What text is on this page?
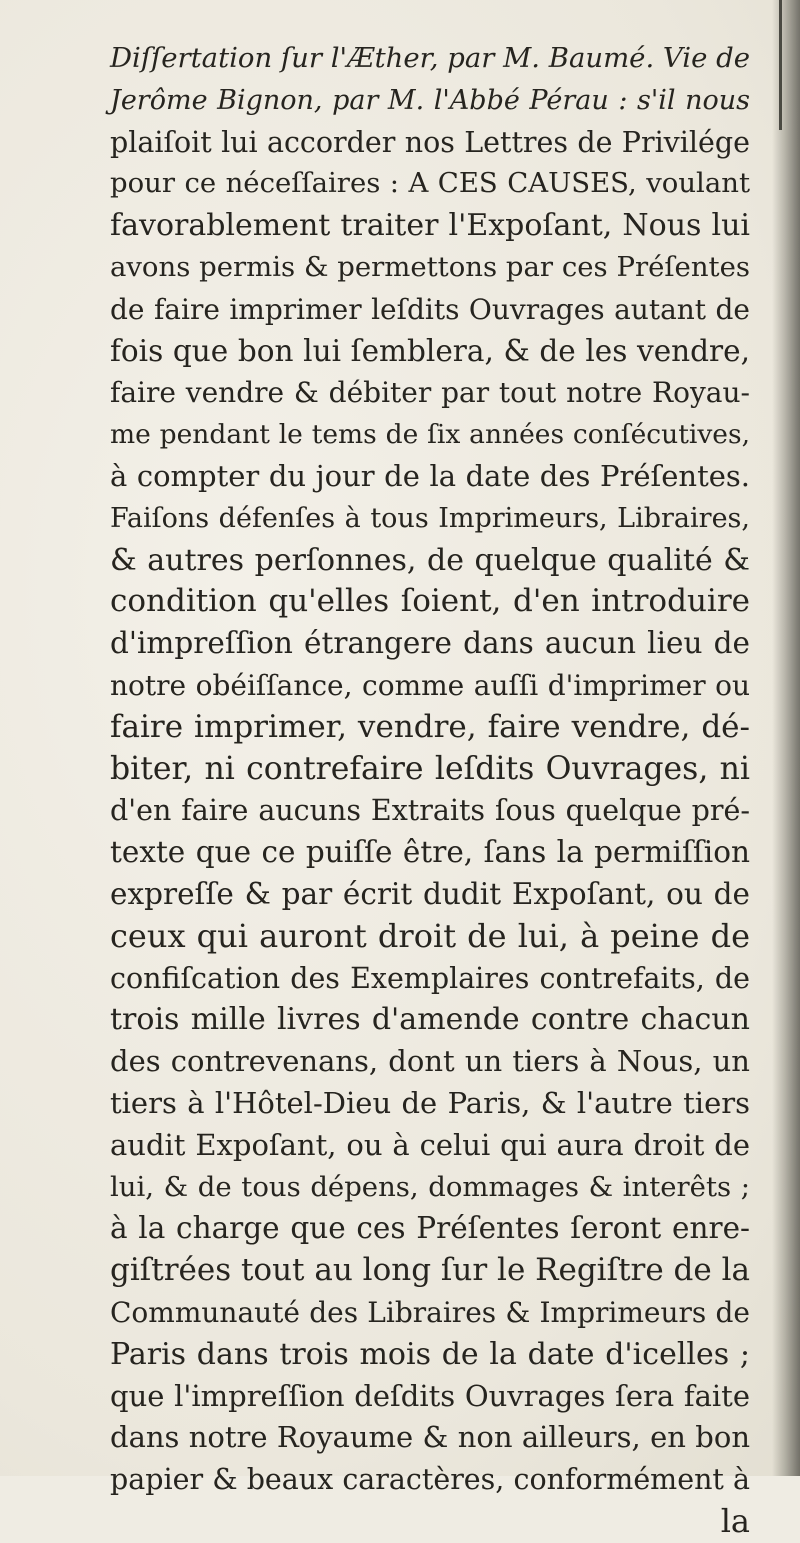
Diſſertation ſur l'Æther, par M. Baumé. Vie de
Jerôme Bignon, par M. l'Abbé Pérau : s'il nous
plaiſoit lui accorder nos Lettres de Privilége
pour ce néceſſaires : A CES CAUSES, voulant
favorablement traiter l'Expoſant, Nous lui
avons permis & permettons par ces Préſentes
de faire imprimer leſdits Ouvrages autant de
fois que bon lui ſemblera, & de les vendre,
faire vendre & débiter par tout notre Royau-
me pendant le tems de ſix années conſécutives,
à compter du jour de la date des Préſentes.
Faiſons défenſes à tous Imprimeurs, Libraires,
& autres perſonnes, de quelque qualité &
condition qu'elles ſoient, d'en introduire
d'impreſſion étrangere dans aucun lieu de
notre obéiſſance, comme auſſi d'imprimer ou
faire imprimer, vendre, faire vendre, dé-
biter, ni contrefaire leſdits Ouvrages, ni
d'en faire aucuns Extraits ſous quelque pré-
texte que ce puiſſe être, ſans la permiſſion
expreſſe & par écrit dudit Expoſant, ou de
ceux qui auront droit de lui, à peine de
confiſcation des Exemplaires contrefaits, de
trois mille livres d'amende contre chacun
des contrevenans, dont un tiers à Nous, un
tiers à l'Hôtel-Dieu de Paris, & l'autre tiers
audit Expoſant, ou à celui qui aura droit de
lui, & de tous dépens, dommages & interêts ;
à la charge que ces Préſentes ſeront enre-
giſtrées tout au long ſur le Regiſtre de la
Communauté des Libraires & Imprimeurs de
Paris dans trois mois de la date d'icelles ;
que l'impreſſion deſdits Ouvrages ſera faite
dans notre Royaume & non ailleurs, en bon
papier & beaux caractères, conformément à
la
